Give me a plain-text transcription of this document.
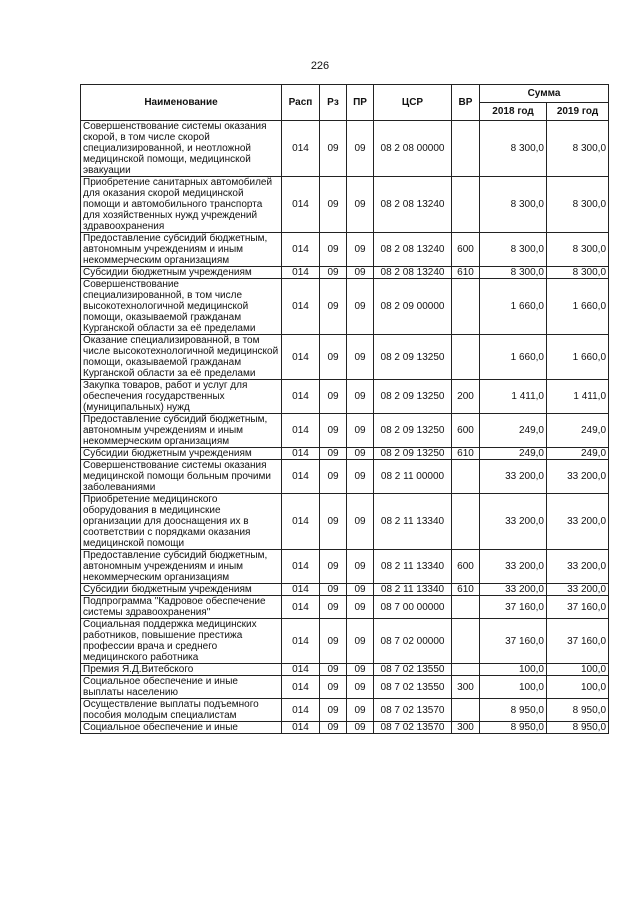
226
Наименование	Расп	Рз	ПР	ЦСР	ВР	Сумма	
						2018 год	2019 год
Совершенствование системы оказания скорой, в том числе скорой специализированной, и неотложной медицинской помощи, медицинской эвакуации	014	09	09	08 2 08 00000		8 300,0	8 300,0
Приобретение санитарных автомобилей для оказания скорой медицинской помощи и автомобильного транспорта для хозяйственных нужд учреждений здравоохранения	014	09	09	08 2 08 13240		8 300,0	8 300,0
Предоставление субсидий бюджетным, автономным учреждениям и иным некоммерческим организациям	014	09	09	08 2 08 13240	600	8 300,0	8 300,0
Субсидии бюджетным учреждениям	014	09	09	08 2 08 13240	610	8 300,0	8 300,0
Совершенствование специализированной, в том числе высокотехнологичной медицинской помощи, оказываемой гражданам Курганской области за её пределами	014	09	09	08 2 09 00000		1 660,0	1 660,0
Оказание специализированной, в том числе высокотехнологичной медицинской помощи, оказываемой гражданам Курганской области за её пределами	014	09	09	08 2 09 13250		1 660,0	1 660,0
Закупка товаров, работ и услуг для обеспечения государственных (муниципальных) нужд	014	09	09	08 2 09 13250	200	1 411,0	1 411,0
Предоставление субсидий бюджетным, автономным учреждениям и иным некоммерческим организациям	014	09	09	08 2 09 13250	600	249,0	249,0
Субсидии бюджетным учреждениям	014	09	09	08 2 09 13250	610	249,0	249,0
Совершенствование системы оказания медицинской помощи больным прочими заболеваниями	014	09	09	08 2 11 00000		33 200,0	33 200,0
Приобретение медицинского оборудования в медицинские организации для дооснащения их в соответствии с порядками оказания медицинской помощи	014	09	09	08 2 11 13340		33 200,0	33 200,0
Предоставление субсидий бюджетным, автономным учреждениям и иным некоммерческим организациям	014	09	09	08 2 11 13340	600	33 200,0	33 200,0
Субсидии бюджетным учреждениям	014	09	09	08 2 11 13340	610	33 200,0	33 200,0
Подпрограмма "Кадровое обеспечение системы здравоохранения"	014	09	09	08 7 00 00000		37 160,0	37 160,0
Социальная поддержка медицинских работников, повышение престижа профессии врача и среднего медицинского работника	014	09	09	08 7 02 00000		37 160,0	37 160,0
Премия Я.Д.Витебского	014	09	09	08 7 02 13550		100,0	100,0
Социальное обеспечение и иные выплаты населению	014	09	09	08 7 02 13550	300	100,0	100,0
Осуществление выплаты подъемного пособия молодым специалистам	014	09	09	08 7 02 13570		8 950,0	8 950,0
Социальное обеспечение и иные	014	09	09	08 7 02 13570	300	8 950,0	8 950,0
